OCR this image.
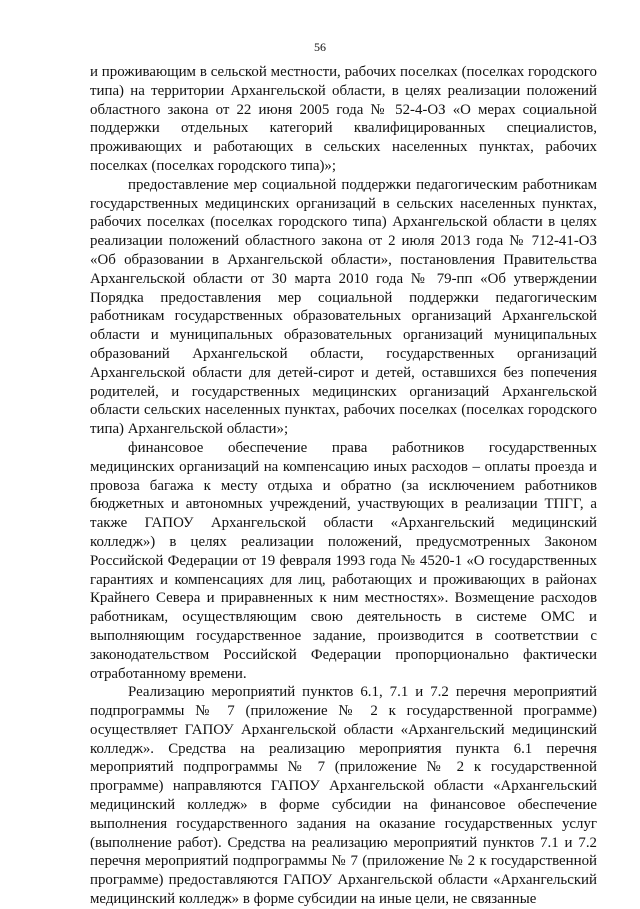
56

и проживающим в сельской местности, рабочих поселках (поселках городского типа) на территории Архангельской области, в целях реализации положений областного закона от 22 июня 2005 года № 52-4-ОЗ «О мерах социальной поддержки отдельных категорий квалифицированных специалистов, проживающих и работающих в сельских населенных пунктах, рабочих поселках (поселках городского типа)»;

предоставление мер социальной поддержки педагогическим работникам государственных медицинских организаций в сельских населенных пунктах, рабочих поселках (поселках городского типа) Архангельской области в целях реализации положений областного закона от 2 июля 2013 года № 712-41-ОЗ «Об образовании в Архангельской области», постановления Правительства Архангельской области от 30 марта 2010 года № 79-пп «Об утверждении Порядка предоставления мер социальной поддержки педагогическим работникам государственных образовательных организаций Архангельской области и муниципальных образовательных организаций муниципальных образований Архангельской области, государственных организаций Архангельской области для детей-сирот и детей, оставшихся без попечения родителей, и государственных медицинских организаций Архангельской области сельских населенных пунктах, рабочих поселках (поселках городского типа) Архангельской области»;

финансовое обеспечение права работников государственных медицинских организаций на компенсацию иных расходов – оплаты проезда и провоза багажа к месту отдыха и обратно (за исключением работников бюджетных и автономных учреждений, участвующих в реализации ТПГГ, а также ГАПОУ Архангельской области «Архангельский медицинский колледж») в целях реализации положений, предусмотренных Законом Российской Федерации от 19 февраля 1993 года № 4520-1 «О государственных гарантиях и компенсациях для лиц, работающих и проживающих в районах Крайнего Севера и приравненных к ним местностях». Возмещение расходов работникам, осуществляющим свою деятельность в системе ОМС и выполняющим государственное задание, производится в соответствии с законодательством Российской Федерации пропорционально фактически отработанному времени.

Реализацию мероприятий пунктов 6.1, 7.1 и 7.2 перечня мероприятий подпрограммы № 7 (приложение № 2 к государственной программе) осуществляет ГАПОУ Архангельской области «Архангельский медицинский колледж». Средства на реализацию мероприятия пункта 6.1 перечня мероприятий подпрограммы № 7 (приложение № 2 к государственной программе) направляются ГАПОУ Архангельской области «Архангельский медицинский колледж» в форме субсидии на финансовое обеспечение выполнения государственного задания на оказание государственных услуг (выполнение работ). Средства на реализацию мероприятий пунктов 7.1 и 7.2 перечня мероприятий подпрограммы № 7 (приложение № 2 к государственной программе) предоставляются ГАПОУ Архангельской области «Архангельский медицинский колледж» в форме субсидии на иные цели, не связанные
